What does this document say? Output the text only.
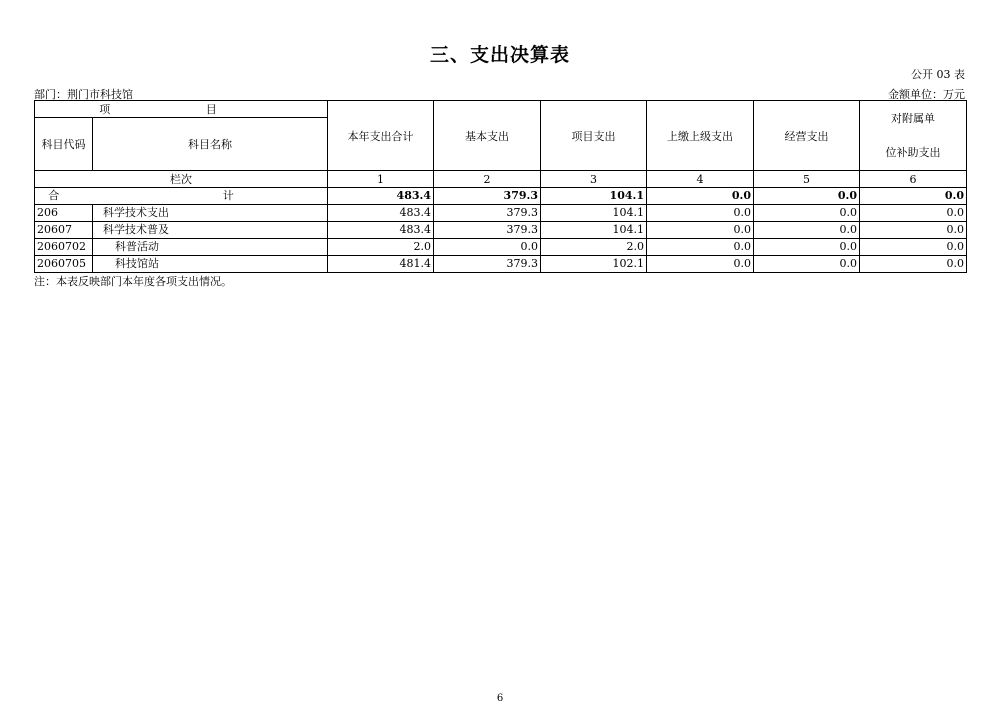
三、支出决算表
公开 03 表
部门：荆门市科技馆	金额单位：万元
项 目		本年支出合计	基本支出	项目支出	上缴上级支出	经营支出	对附属单
位补助支出

科目代码	科目名称						
栏次		1	2	3	4	5	6
合 计		483.4	379.3	104.1	0.0	0.0	0.0
206	科学技术支出	483.4	379.3	104.1	0.0	0.0	0.0
20607	科学技术普及	483.4	379.3	104.1	0.0	0.0	0.0
2060702	科普活动	2.0	0.0	2.0	0.0	0.0	0.0
2060705	科技馆站	481.4	379.3	102.1	0.0	0.0	0.0
注：本表反映部门本年度各项支出情况。
6
